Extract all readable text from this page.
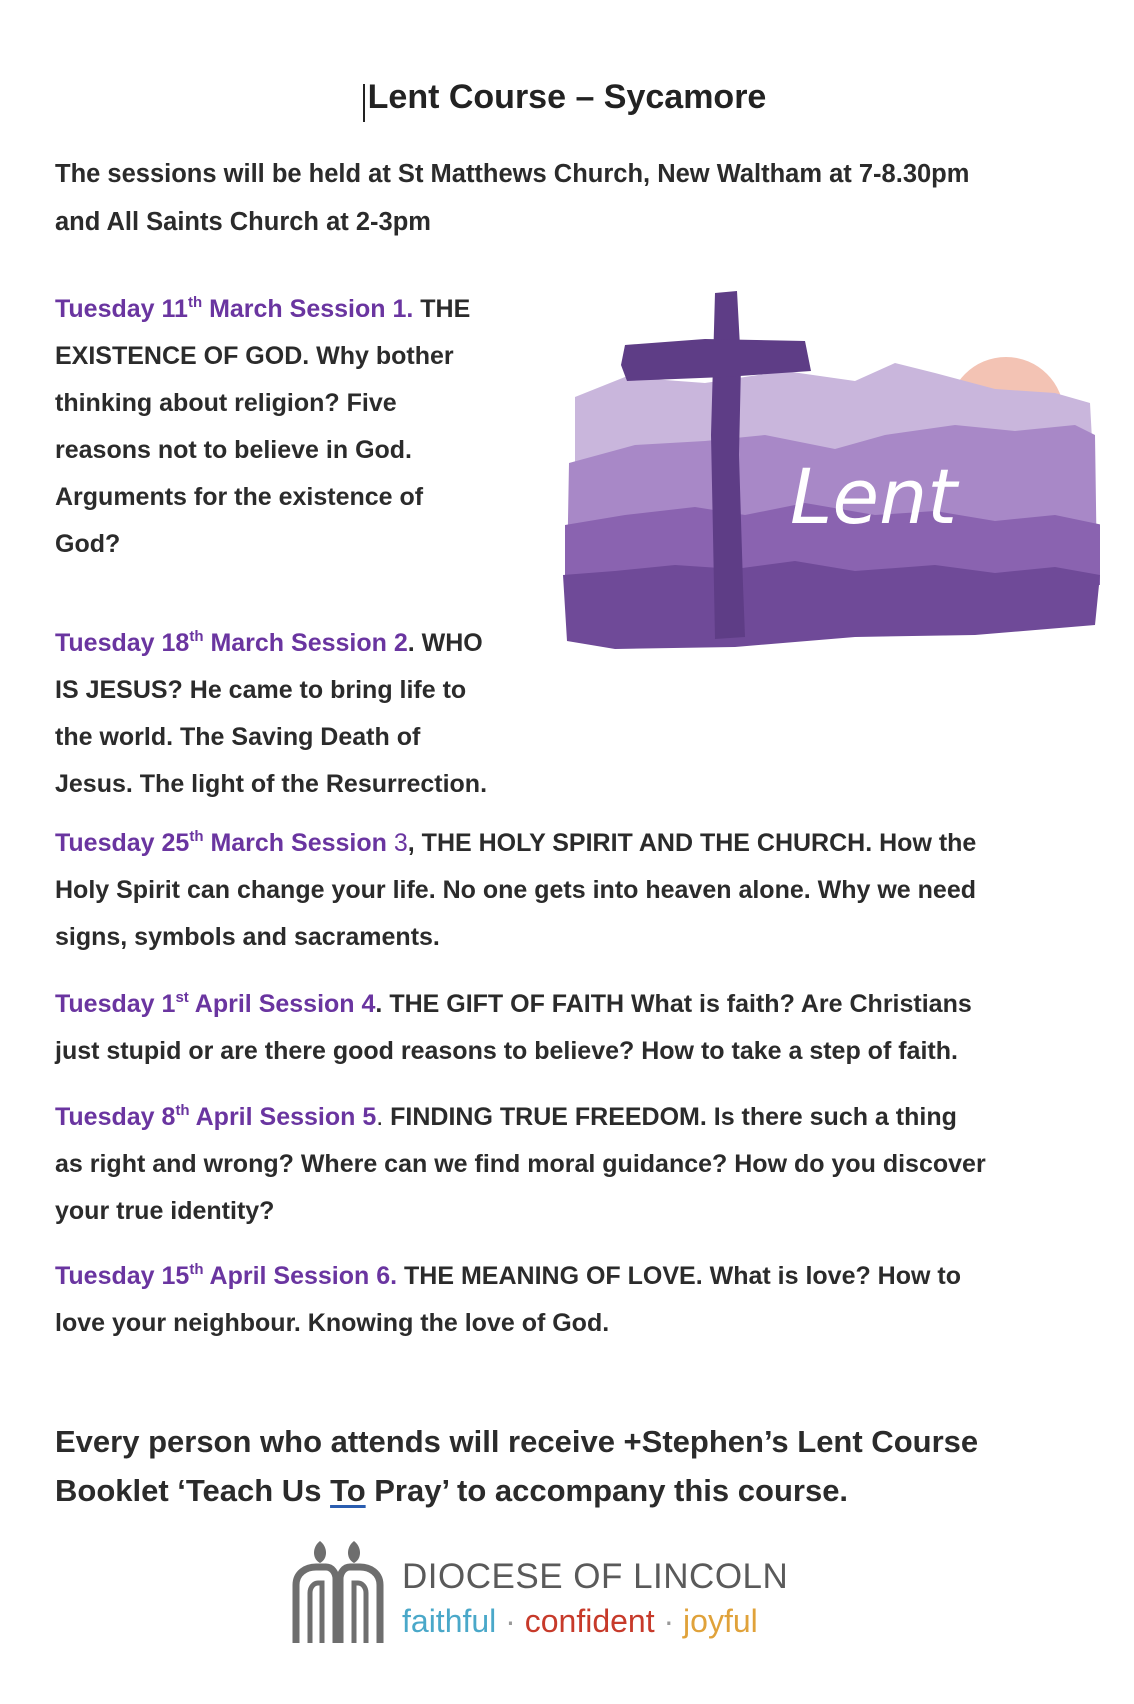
Lent Course – Sycamore
The sessions will be held at St Matthews Church, New Waltham at 7-8.30pm
and All Saints Church at 2-3pm
Tuesday 11th March Session 1. THE
EXISTENCE OF GOD. Why bother
thinking about religion? Five
reasons not to believe in God.
Arguments for the existence of
God?
Tuesday 18th March Session 2. WHO
IS JESUS? He came to bring life to
the world. The Saving Death of
Jesus. The light of the Resurrection.
Tuesday 25th March Session 3, THE HOLY SPIRIT AND THE CHURCH. How the
Holy Spirit can change your life. No one gets into heaven alone. Why we need
signs, symbols and sacraments.
Tuesday 1st April Session 4. THE GIFT OF FAITH What is faith? Are Christians
just stupid or are there good reasons to believe? How to take a step of faith.
Tuesday 8th April Session 5. FINDING TRUE FREEDOM. Is there such a thing
as right and wrong? Where can we find moral guidance? How do you discover
your true identity?
Tuesday 15th April Session 6. THE MEANING OF LOVE. What is love? How to
love your neighbour. Knowing the love of God.
Lent
Every person who attends will receive +Stephen’s Lent Course
Booklet ‘Teach Us To Pray’ to accompany this course.
DIOCESE OF LINCOLN
faithful · confident · joyful
